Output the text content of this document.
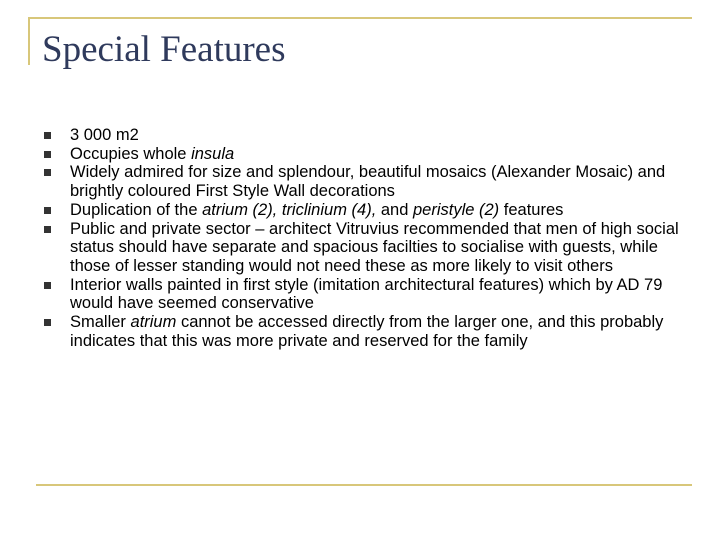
Special Features
3 000 m2
Occupies whole insula
Widely admired for size and splendour, beautiful mosaics (Alexander Mosaic) and brightly coloured First Style Wall decorations
Duplication of the atrium (2), triclinium (4), and peristyle (2) features
Public and private sector – architect Vitruvius recommended that men of high social status should have separate and spacious facilties to socialise with guests, while those of lesser standing would not need these as more likely to visit others
Interior walls painted in first style (imitation architectural features) which by AD 79 would have seemed conservative
Smaller atrium cannot be accessed directly from the larger one, and this probably indicates that this was more private and reserved for the family
